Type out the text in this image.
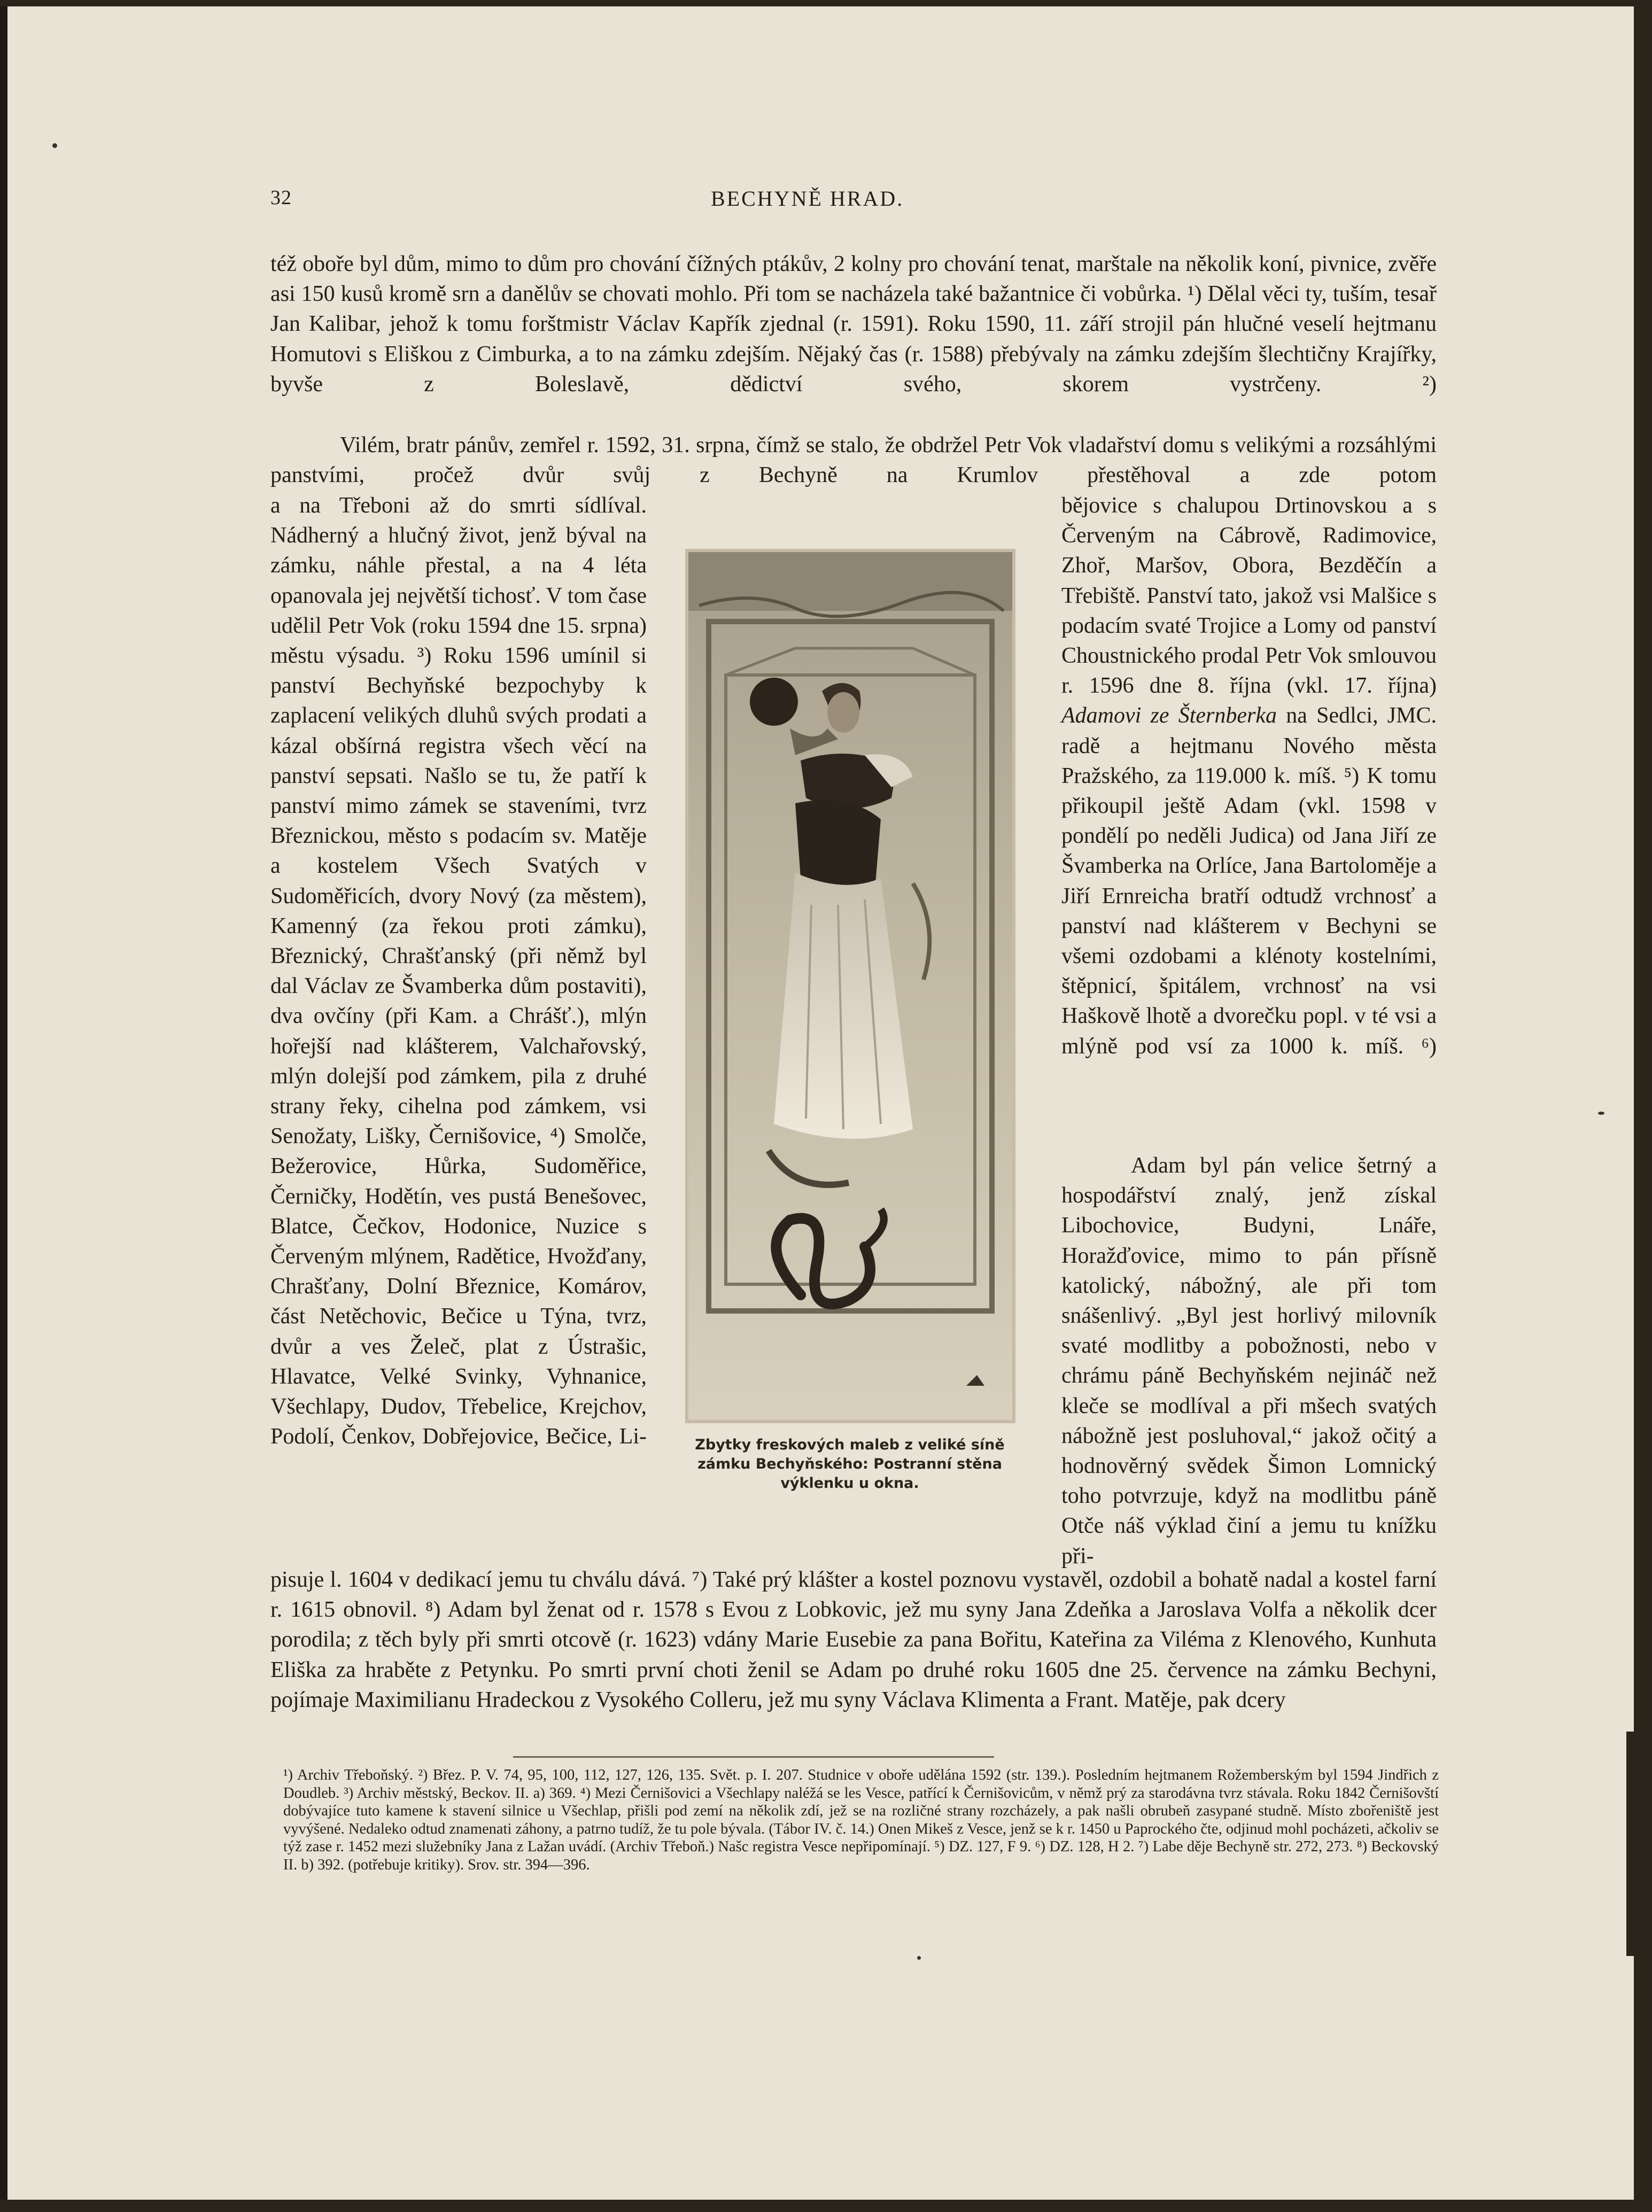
32	BECHYNĚ HRAD.

též oboře byl dům, mimo to dům pro chování čížných ptákův, 2 kolny pro chování tenat, marštale na několik koní, pivnice, zvěře asi 150 kusů kromě srn a danělův se chovati mohlo. Při tom se nacházela také bažantnice či vobůrka. ¹) Dělal věci ty, tuším, tesař Jan Kalibar, jehož k tomu forštmistr Václav Kapřík zjednal (r. 1591). Roku 1590, 11. září strojil pán hlučné veselí hejtmanu Homutovi s Eliškou z Cimburka, a to na zámku zdejším. Nějaký čas (r. 1588) přebývaly na zámku zdejším šlechtičny Krajířky, byvše z Boleslavě, dědictví svého, skorem vystrčeny. ²)

Vilém, bratr pánův, zemřel r. 1592, 31. srpna, čímž se stalo, že obdržel Petr Vok vladařství domu s velikými a rozsáhlými panstvími, pročež dvůr svůj z Bechyně na Krumlov přestěhoval a zde potom

a na Třeboni až do smrti sídlíval. Nádherný a hlučný život, jenž býval na zámku, náhle přestal, a na 4 léta opanovala jej největší tichosť. V tom čase udělil Petr Vok (roku 1594 dne 15. srpna) městu výsadu. ³) Roku 1596 umínil si panství Bechyňské bezpochyby k zaplacení velikých dluhů svých prodati a kázal obšírná registra všech věcí na panství sepsati. Našlo se tu, že patří k panství mimo zámek se staveními, tvrz Březnickou, město s podacím sv. Matěje a kostelem Všech Svatých v Sudoměřicích, dvory Nový (za městem), Kamenný (za řekou proti zámku), Březnický, Chrašťanský (při němž byl dal Václav ze Švamberka dům postaviti), dva ovčíny (při Kam. a Chrášť.), mlýn hořejší nad klášterem, Valchařovský, mlýn dolejší pod zámkem, pila z druhé strany řeky, cihelna pod zámkem, vsi Senožaty, Lišky, Černišovice, ⁴) Smolče, Bežerovice, Hůrka, Sudoměřice, Černičky, Hodětín, ves pustá Benešovec, Blatce, Čečkov, Hodonice, Nuzice s Červeným mlýnem, Radětice, Hvožďany, Chrašťany, Dolní Březnice, Komárov, část Netěchovic, Bečice u Týna, tvrz, dvůr a ves Želeč, plat z Ústrašic, Hlavatce, Velké Svinky, Vyhnanice, Všechlapy, Dudov, Třebelice, Krejchov, Podolí, Čenkov, Dobřejovice, Bečice, Li-

bějovice s chalupou Drtinovskou a s Červeným na Cábrově, Radimovice, Zhoř, Maršov, Obora, Bezděčín a Třebiště. Panství tato, jakož vsi Malšice s podacím svaté Trojice a Lomy od panství Choustnického prodal Petr Vok smlouvou r. 1596 dne 8. října (vkl. 17. října) Adamovi ze Šternberka na Sedlci, JMC. radě a hejtmanu Nového města Pražského, za 119.000 k. míš. ⁵) K tomu přikoupil ještě Adam (vkl. 1598 v pondělí po neděli Judica) od Jana Jiří ze Švamberka na Orlíce, Jana Bartoloměje a Jiří Ernreicha bratří odtudž vrchnosť a panství nad klášterem v Bechyni se všemi ozdobami a klénoty kostelními, štěpnicí, špitálem, vrchnosť na vsi Haškově lhotě a dvorečku popl. v té vsi a mlýně pod vsí za 1000 k. míš. ⁶)

Adam byl pán velice šetrný a hospodářství znalý, jenž získal Libochovice, Budyni, Lnáře, Horažďovice, mimo to pán přísně katolický, nábožný, ale při tom snášenlivý. „Byl jest horlivý milovník svaté modlitby a pobožnosti, nebo v chrámu páně Bechyňském nejináč než kleče se modlíval a při mšech svatých nábožně jest posluhoval,“ jakož očitý a hodnověrný svědek Šimon Lomnický toho potvrzuje, když na modlitbu páně Otče náš výklad činí a jemu tu knížku při-

Zbytky freskových maleb z veliké síně zámku Bechyňského: Postranní stěna výklenku u okna.

pisuje l. 1604 v dedikací jemu tu chválu dává. ⁷) Také prý klášter a kostel poznovu vystavěl, ozdobil a bohatě nadal a kostel farní r. 1615 obnovil. ⁸) Adam byl ženat od r. 1578 s Evou z Lobkovic, jež mu syny Jana Zdeňka a Jaroslava Volfa a několik dcer porodila; z těch byly při smrti otcově (r. 1623) vdány Marie Eusebie za pana Bořitu, Kateřina za Viléma z Klenového, Kunhuta Eliška za hraběte z Petynku. Po smrti první choti ženil se Adam po druhé roku 1605 dne 25. července na zámku Bechyni, pojímaje Maximilianu Hradeckou z Vysokého Colleru, jež mu syny Václava Klimenta a Frant. Matěje, pak dcery

¹) Archiv Třeboňský. ²) Břez. P. V. 74, 95, 100, 112, 127, 126, 135. Svět. p. I. 207. Studnice v oboře udělána 1592 (str. 139.). Posledním hejtmanem Rožemberským byl 1594 Jindřich z Doudleb. ³) Archiv městský, Beckov. II. a) 369. ⁴) Mezi Černišovici a Všechlapy naléžá se les Vesce, patřící k Černišovicům, v němž prý za starodávna tvrz stávala. Roku 1842 Černišovští dobývajíce tuto kamene k stavení silnice u Všechlap, přišli pod zemí na několik zdí, jež se na rozličné strany rozcházely, a pak našli obrubeň zasypané studně. Místo zbořeniště jest vyvýšené. Nedaleko odtud znamenati záhony, a patrno tudíž, že tu pole bývala. (Tábor IV. č. 14.) Onen Mikeš z Vesce, jenž se k r. 1450 u Paprockého čte, odjinud mohl pocházeti, ačkoliv se týž zase r. 1452 mezi služebníky Jana z Lažan uvádí. (Archiv Třeboň.) Našc registra Vesce nepřipomínají. ⁵) DZ. 127, F 9. ⁶) DZ. 128, H 2. ⁷) Labe děje Bechyně str. 272, 273. ⁸) Beckovský II. b) 392. (potřebuje kritiky). Srov. str. 394—396.
